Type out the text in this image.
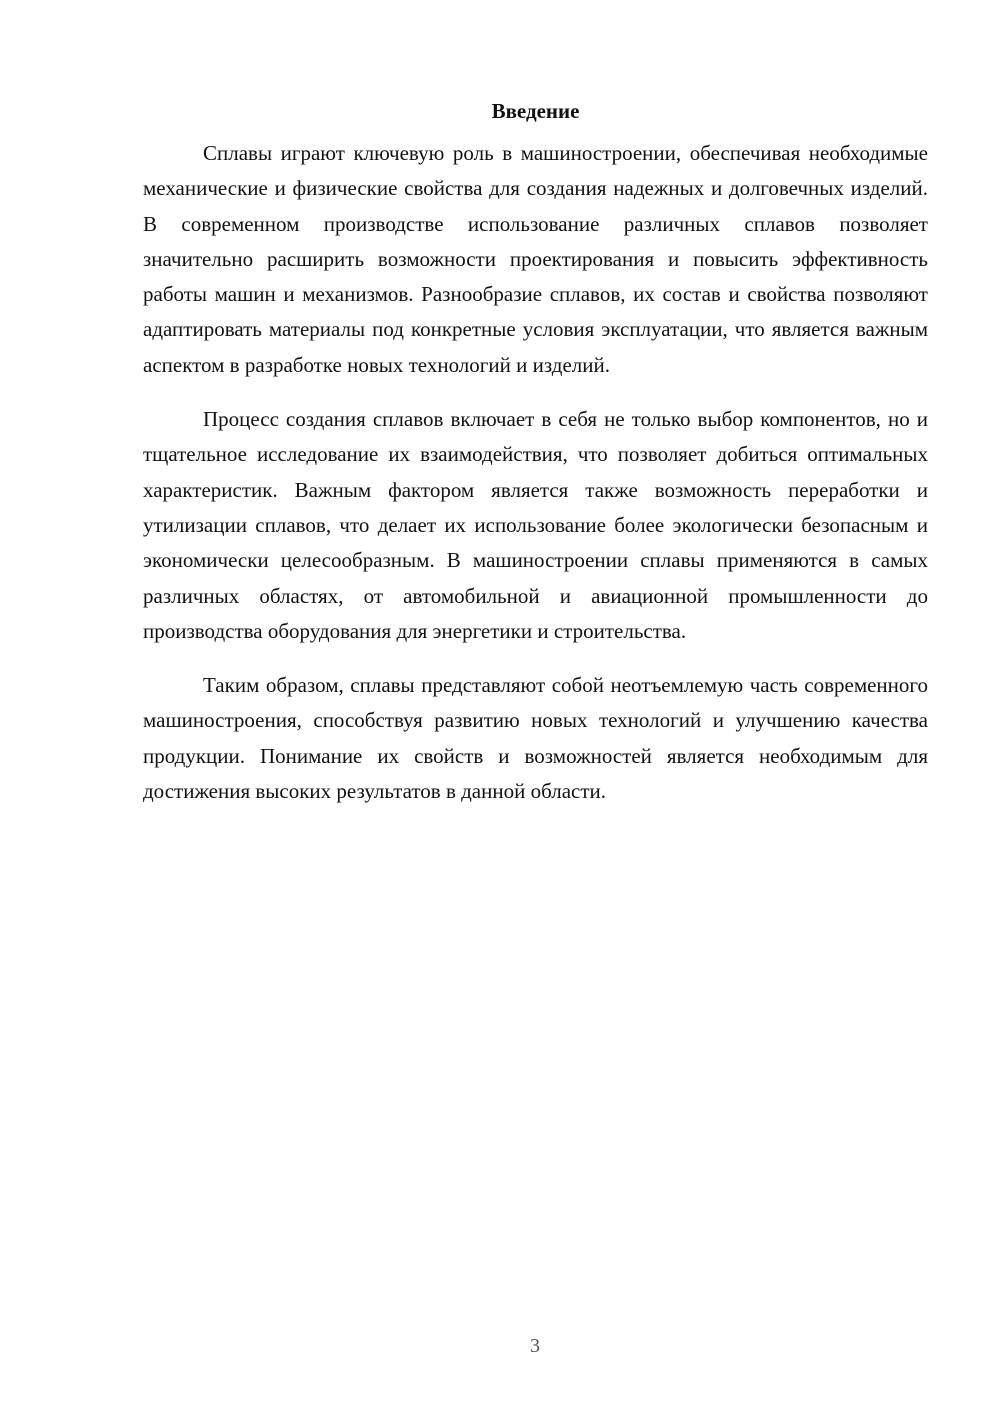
Введение

Сплавы играют ключевую роль в машиностроении, обеспечивая необходимые механические и физические свойства для создания надежных и долговечных изделий. В современном производстве использование различных сплавов позволяет значительно расширить возможности проектирования и повысить эффективность работы машин и механизмов. Разнообразие сплавов, их состав и свойства позволяют адаптировать материалы под конкретные условия эксплуатации, что является важным аспектом в разработке новых технологий и изделий.

Процесс создания сплавов включает в себя не только выбор компонентов, но и тщательное исследование их взаимодействия, что позволяет добиться оптимальных характеристик. Важным фактором является также возможность переработки и утилизации сплавов, что делает их использование более экологически безопасным и экономически целесообразным. В машиностроении сплавы применяются в самых различных областях, от автомобильной и авиационной промышленности до производства оборудования для энергетики и строительства.

Таким образом, сплавы представляют собой неотъемлемую часть современного машиностроения, способствуя развитию новых технологий и улучшению качества продукции. Понимание их свойств и возможностей является необходимым для достижения высоких результатов в данной области.

3
